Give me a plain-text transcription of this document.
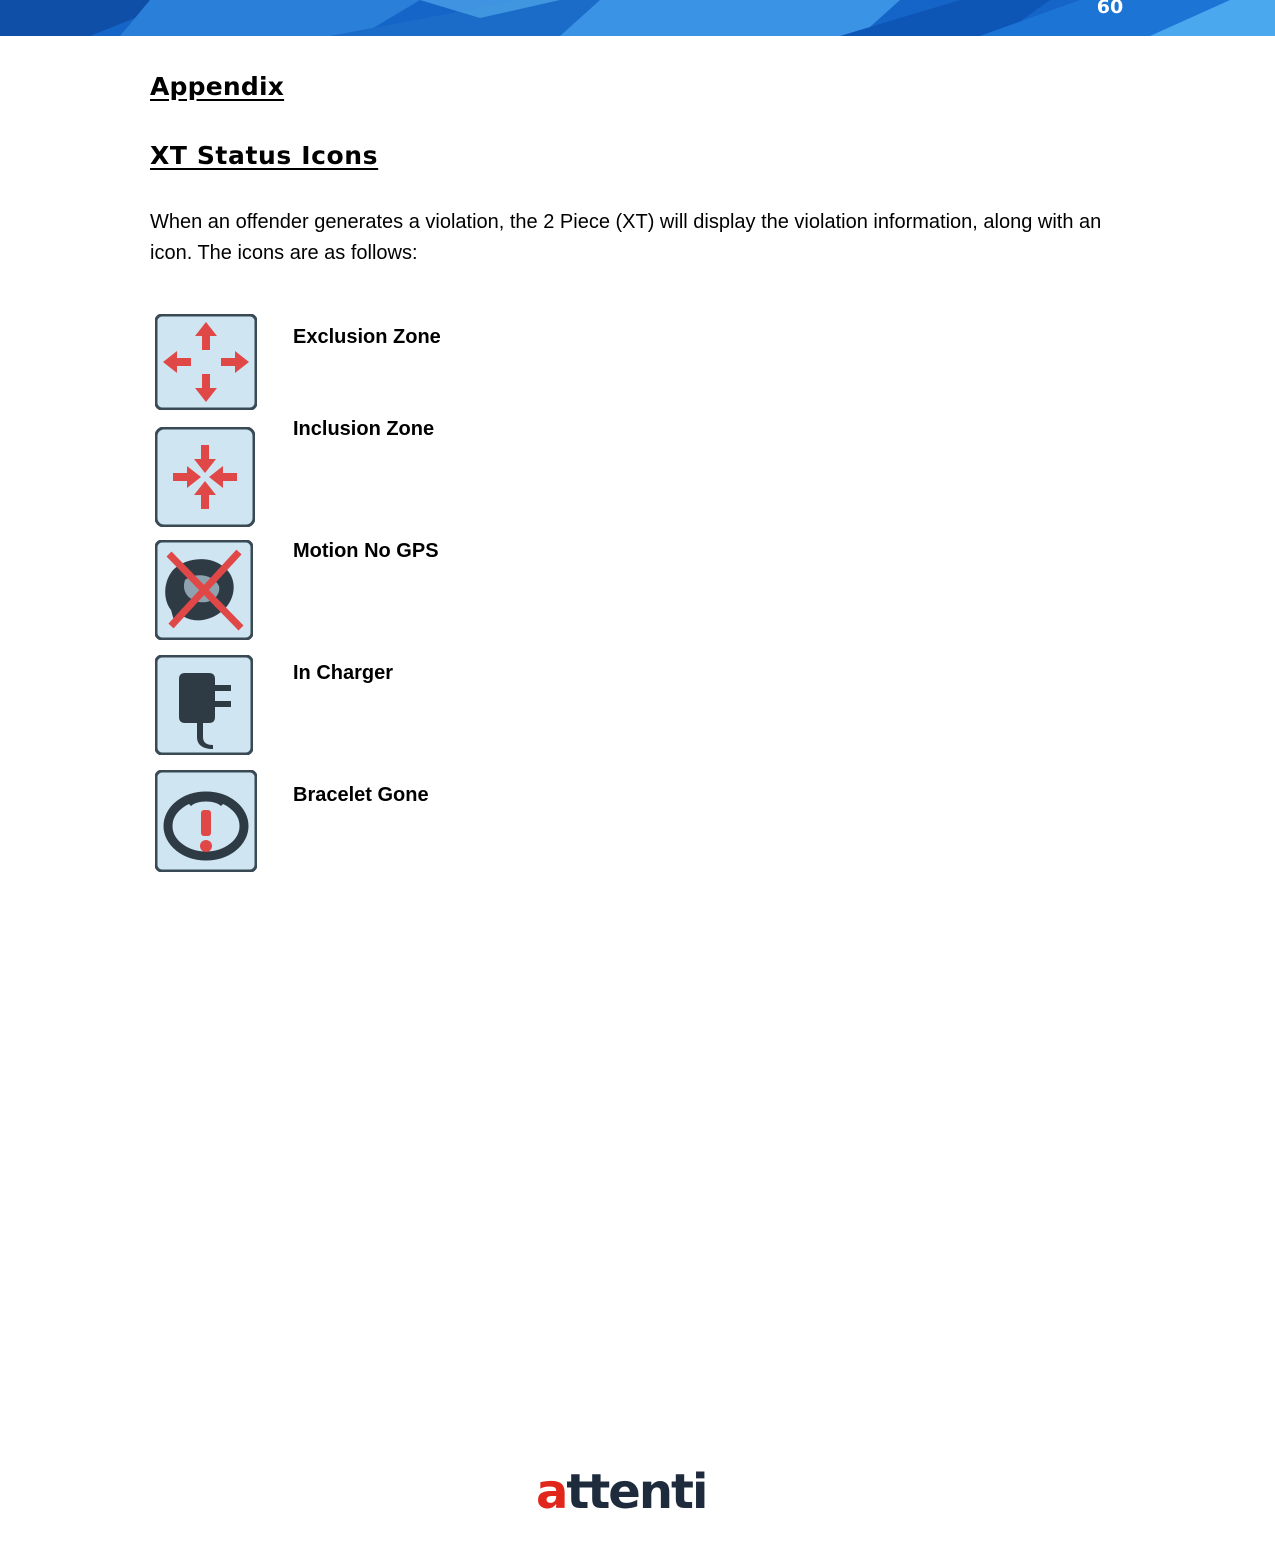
60
Appendix
XT Status Icons

When an offender generates a violation, the 2 Piece (XT) will display the violation information, along with an icon. The icons are as follows:

Exclusion Zone
Inclusion Zone
Motion No GPS
In Charger
Bracelet Gone
attenti
